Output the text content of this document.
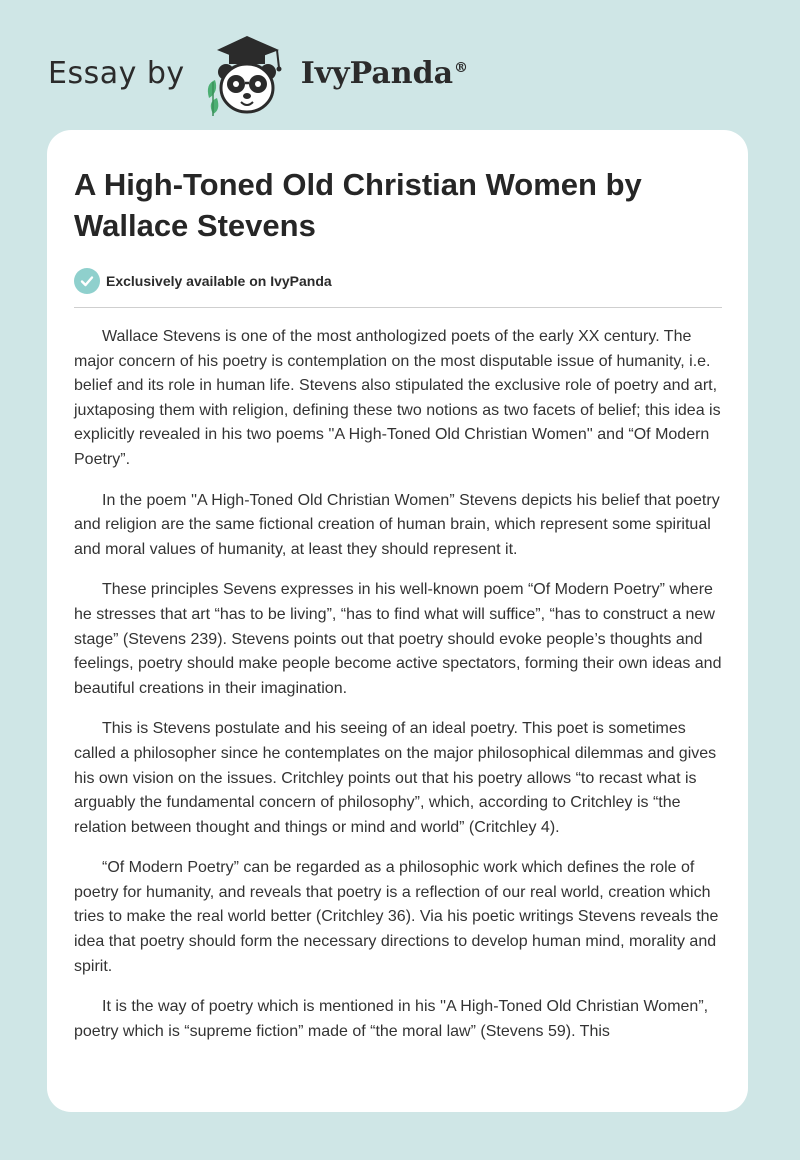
Essay by	IvyPanda®
A High-Toned Old Christian Women by Wallace Stevens
Exclusively available on IvyPanda

Wallace Stevens is one of the most anthologized poets of the early XX century. The major concern of his poetry is contemplation on the most disputable issue of humanity, i.e. belief and its role in human life. Stevens also stipulated the exclusive role of poetry and art, juxtaposing them with religion, defining these two notions as two facets of belief; this idea is explicitly revealed in his two poems ''A High-Toned Old Christian Women'' and “Of Modern Poetry”.

In the poem ''A High-Toned Old Christian Women” Stevens depicts his belief that poetry and religion are the same fictional creation of human brain, which represent some spiritual and moral values of humanity, at least they should represent it.

These principles Sevens expresses in his well-known poem “Of Modern Poetry” where he stresses that art “has to be living”, “has to find what will suffice”, “has to construct a new stage” (Stevens 239). Stevens points out that poetry should evoke people’s thoughts and feelings, poetry should make people become active spectators, forming their own ideas and beautiful creations in their imagination.

This is Stevens postulate and his seeing of an ideal poetry. This poet is sometimes called a philosopher since he contemplates on the major philosophical dilemmas and gives his own vision on the issues. Critchley points out that his poetry allows “to recast what is arguably the fundamental concern of philosophy”, which, according to Critchley is “the relation between thought and things or mind and world” (Critchley 4).

“Of Modern Poetry” can be regarded as a philosophic work which defines the role of poetry for humanity, and reveals that poetry is a reflection of our real world, creation which tries to make the real world better (Critchley 36). Via his poetic writings Stevens reveals the idea that poetry should form the necessary directions to develop human mind, morality and spirit.

It is the way of poetry which is mentioned in his ''A High-Toned Old Christian Women”, poetry which is “supreme fiction” made of “the moral law” (Stevens 59). This
